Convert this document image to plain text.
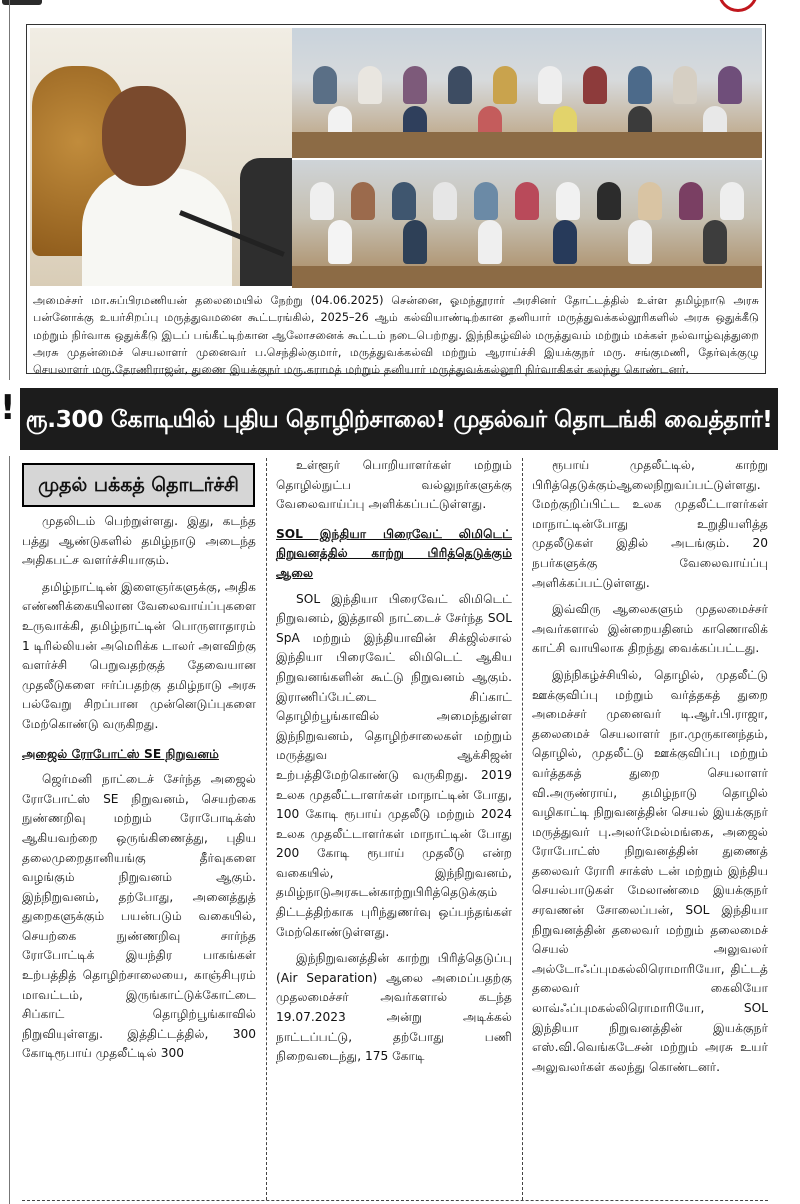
!
அமைச்சர் மா.சுப்பிரமணியன் தலைமையில் நேற்று (04.06.2025) சென்னை, ஓமந்தூரார் அரசினர் தோட்டத்தில் உள்ள தமிழ்நாடு அரசு பன்னோக்கு உயர்சிறப்பு மருத்துவமனை கூட்டரங்கில், 2025–26 ஆம் கல்வியாண்டிற்கான தனியார் மருத்துவக்கல்லூரிகளில் அரசு ஒதுக்கீடு மற்றும் நிர்வாக ஒதுக்கீடு இடப் பங்கீட்டிற்கான ஆலோசனைக் கூட்டம் நடைபெற்றது. இந்நிகழ்வில் மருத்துவம் மற்றும் மக்கள் நல்வாழ்வுத்துறை அரசு முதன்மைச் செயலாளர் முனைவர் ப.செந்தில்குமார், மருத்துவக்கல்வி மற்றும் ஆராய்ச்சி இயக்குநர் மரு. சங்குமணி, தேர்வுக்குழு செயலாளர் மரு.தேரணிராஜன், துணை இயக்குநர் மரு.கராமத் மற்றும் தனியார் மருத்துவக்கல்லூரி நிர்வாகிகள் கலந்து கொண்டனர்.
ரூ.300 கோடியில் புதிய தொழிற்சாலை! முதல்வர் தொடங்கி வைத்தார்!
முதல் பக்கத் தொடர்ச்சி

முதலிடம் பெற்றுள்ளது. இது, கடந்த பத்து ஆண்டுகளில் தமிழ்நாடு அடைந்த அதிகபட்ச வளர்ச்சியாகும்.

தமிழ்நாட்டின் இளைஞர்களுக்கு, அதிக எண்ணிக்கையிலான வேலைவாய்ப்புகளை உருவாக்கி, தமிழ்நாட்டின் பொருளாதாரம் 1 டிரில்லியன் அமெரிக்க டாலர் அளவிற்கு வளர்ச்சி பெறுவதற்குத் தேவையான முதலீடுகளை ஈர்ப்பதற்கு தமிழ்நாடு அரசு பல்வேறு சிறப்பான முன்னெடுப்புகளை மேற்கொண்டு வருகிறது.

அஜைல் ரோபோட்ஸ் SE நிறுவனம்

ஜெர்மனி நாட்டைச் சேர்ந்த அஜைல் ரோபோட்ஸ் SE நிறுவனம், செயற்கை நுண்ணறிவு மற்றும் ரோபோடிக்ஸ் ஆகியவற்றை ஒருங்கிணைத்து, புதிய தலைமுறைதானியங்கு தீர்வுகளை வழங்கும் நிறுவனம் ஆகும். இந்நிறுவனம், தற்போது, அனைத்துத் துறைகளுக்கும் பயன்படும் வகையில், செயற்கை நுண்ணறிவு சார்ந்த ரோபோட்டிக் இயந்திர பாகங்கள் உற்பத்தித் தொழிற்சாலையை, காஞ்சிபுரம் மாவட்டம், இருங்காட்டுக்கோட்டை சிப்காட் தொழிற்பூங்காவில் நிறுவியுள்ளது. இத்திட்டத்தில், 300 கோடிரூபாய் முதலீட்டில் 300

உள்ளூர் பொறியாளர்கள் மற்றும் தொழில்நுட்ப வல்லுநர்களுக்கு வேலைவாய்ப்பு அளிக்கப்பட்டுள்ளது.

SOL இந்தியா பிரைவேட் லிமிடெட் நிறுவனத்தில் காற்று பிரித்தெடுக்கும் ஆலை

SOL இந்தியா பிரைவேட் லிமிடெட் நிறுவனம், இத்தாலி நாட்டைச் சேர்ந்த SOL SpA மற்றும் இந்தியாவின் சிக்ஜில்சால் இந்தியா பிரைவேட் லிமிடெட் ஆகிய நிறுவனங்களின் கூட்டு நிறுவனம் ஆகும். இராணிப்பேட்டை சிப்காட் தொழிற்பூங்காவில் அமைந்துள்ள இந்நிறுவனம், தொழிற்சாலைகள் மற்றும் மருத்துவ ஆக்சிஜன் உற்பத்திமேற்கொண்டு வருகிறது. 2019 உலக முதலீட்டாளர்கள் மாநாட்டின் போது, 100 கோடி ரூபாய் முதலீடு மற்றும் 2024 உலக முதலீட்டாளர்கள் மாநாட்டின் போது 200 கோடி ரூபாய் முதலீடு என்ற வகையில், இந்நிறுவனம், தமிழ்நாடுஅரசுடன்காற்றுபிரித்தெடுக்கும் திட்டத்திற்காக புரிந்துணர்வு ஒப்பந்தங்கள் மேற்கொண்டுள்ளது.

இந்நிறுவனத்தின் காற்று பிரித்தெடுப்பு (Air Separation) ஆலை அமைப்பதற்கு முதலமைச்சர் அவர்களால் கடந்த 19.07.2023 அன்று அடிக்கல் நாட்டப்பட்டு, தற்போது பணி நிறைவடைந்து, 175 கோடி

ரூபாய் முதலீட்டில், காற்று பிரித்தெடுக்கும்ஆலைநிறுவப்பட்டுள்ளது. மேற்குறிப்பிட்ட உலக முதலீட்டாளர்கள் மாநாட்டின்போது உறுதியளித்த முதலீடுகள் இதில் அடங்கும். 20 நபர்களுக்கு வேலைவாய்ப்பு அளிக்கப்பட்டுள்ளது.

இவ்விரு ஆலைகளும் முதலமைச்சர் அவர்களால் இன்றையதினம் காணொலிக் காட்சி வாயிலாக திறந்து வைக்கப்பட்டது.

இந்நிகழ்ச்சியில், தொழில், முதலீட்டு ஊக்குவிப்பு மற்றும் வர்த்தகத் துறை அமைச்சர் முனைவர் டி.ஆர்.பி.ராஜா, தலைமைச் செயலாளர் நா.முருகானந்தம், தொழில், முதலீட்டு ஊக்குவிப்பு மற்றும் வர்த்தகத் துறை செயலாளர் வி.அருண்ராய், தமிழ்நாடு தொழில் வழிகாட்டி நிறுவனத்தின் செயல் இயக்குநர் மருத்துவர் பு.அலர்மேல்மங்கை, அஜைல் ரோபோட்ஸ் நிறுவனத்தின் துணைத் தலைவர் ரோரி சாக்ஸ் டன் மற்றும் இந்திய செயல்பாடுகள் மேலாண்மை இயக்குநர் சரவணன் சோலைப்பன், SOL இந்தியா நிறுவனத்தின் தலைவர் மற்றும் தலைமைச் செயல் அலுவலர் அல்டோஃப்புமகல்லிரொமாரியோ, திட்டத் தலைவர் கைலியோ லாவ்ஃப்புமகல்லிரொமாரியோ, SOL இந்தியா நிறுவனத்தின் இயக்குநர் எஸ்.வி.வெங்கடேசன் மற்றும் அரசு உயர் அலுவலர்கள் கலந்து கொண்டனர்.
